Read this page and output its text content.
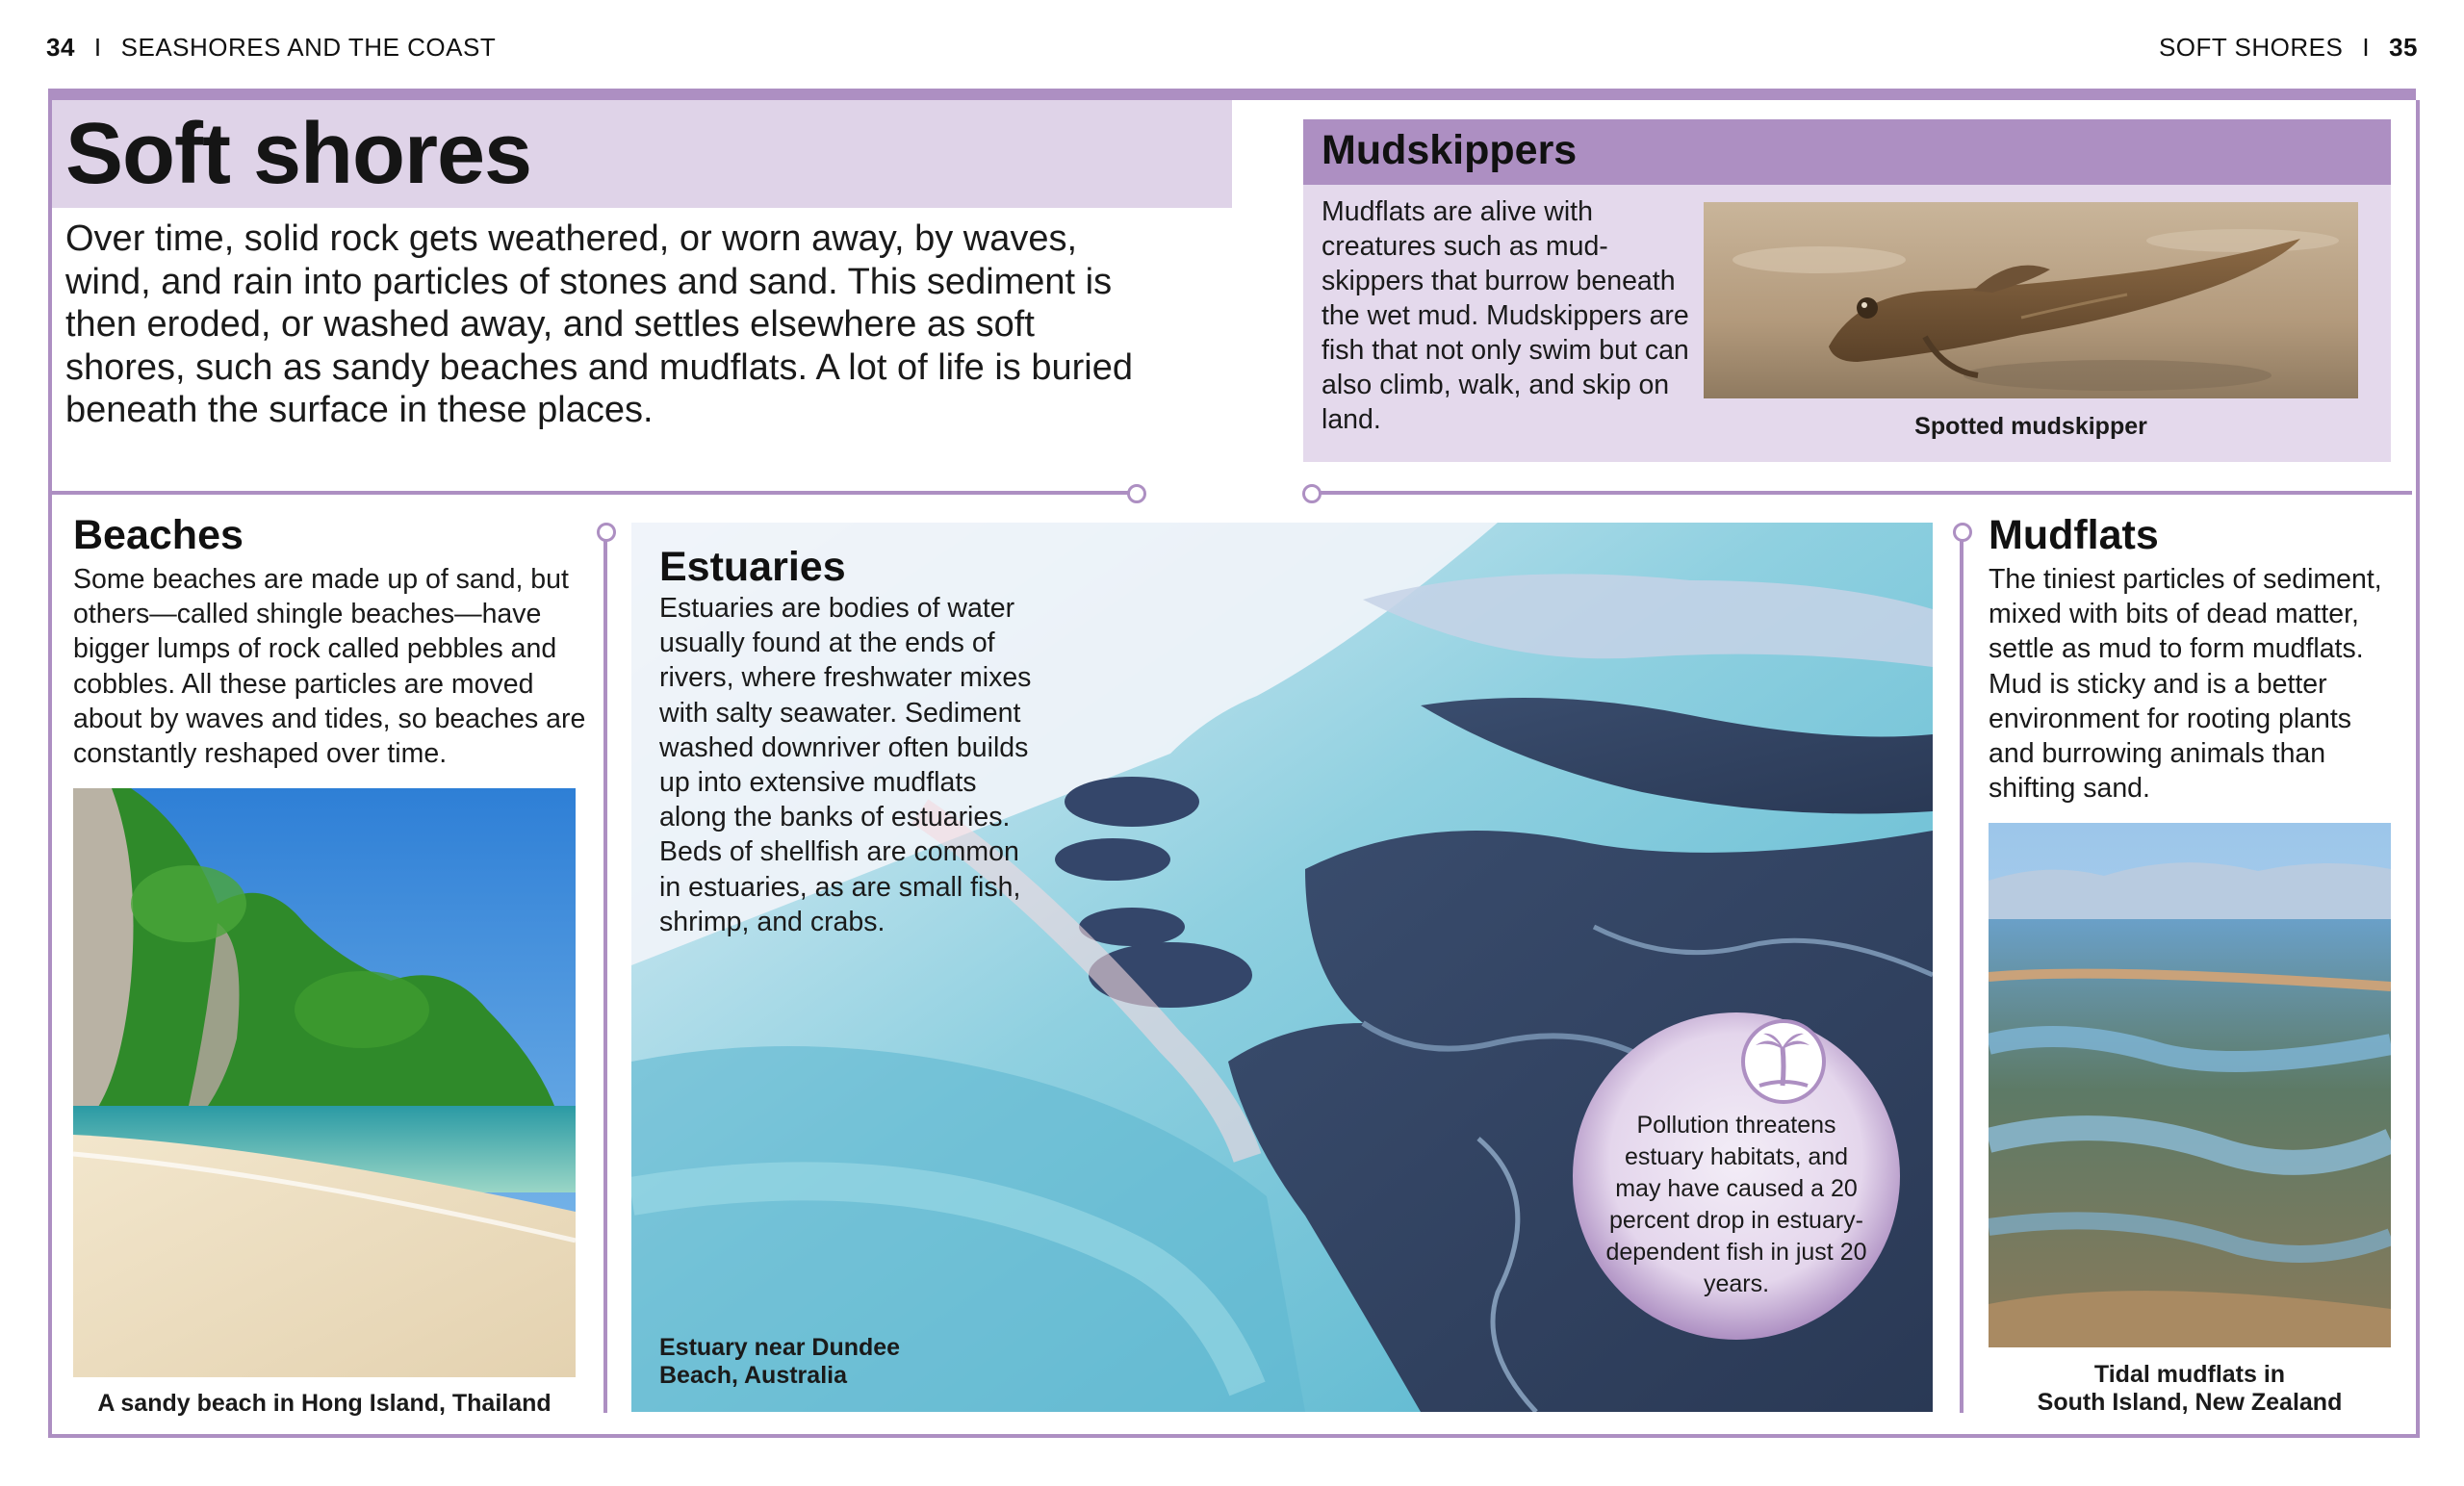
34 I SEASHORES AND THE COAST	SOFT SHORES I 35
Soft shores
Over time, solid rock gets weathered, or worn away, by waves, wind, and rain into particles of stones and sand. This sediment is then eroded, or washed away, and settles elsewhere as soft shores, such as sandy beaches and mudflats. A lot of life is buried beneath the surface in these places.
Mudskippers
Mudflats are alive with creatures such as mud-skippers that burrow beneath the wet mud. Mudskippers are fish that not only swim but can also climb, walk, and skip on land.	Spotted mudskipper
Beaches
Some beaches are made up of sand, but others—called shingle beaches—have bigger lumps of rock called pebbles and cobbles. All these particles are moved about by waves and tides, so beaches are constantly reshaped over time.
A sandy beach in Hong Island, Thailand
Estuaries
Estuaries are bodies of water usually found at the ends of rivers, where freshwater mixes with salty seawater. Sediment washed downriver often builds up into extensive mudflats along the banks of estuaries. Beds of shellfish are common in estuaries, as are small fish, shrimp, and crabs.
Estuary near Dundee
Beach, Australia
Pollution threatens estuary habitats, and may have caused a 20 percent drop in estuary-dependent fish in just 20 years.
Mudflats
The tiniest particles of sediment, mixed with bits of dead matter, settle as mud to form mudflats. Mud is sticky and is a better environment for rooting plants and burrowing animals than shifting sand.
Tidal mudflats in
South Island, New Zealand
